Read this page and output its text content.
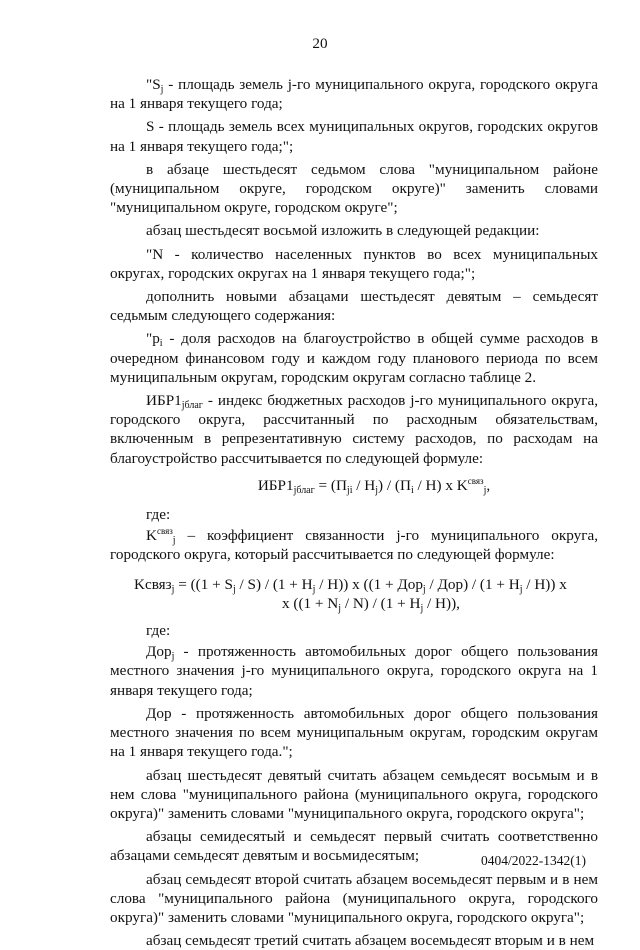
20

"$S_j$ - площадь земель j-го муниципального округа, городского округа на 1 января текущего года;

S - площадь земель всех муниципальных округов, городских округов на 1 января текущего года;";

в абзаце шестьдесят седьмом слова "муниципальном районе (муниципальном округе, городском округе)" заменить словами "муниципальном округе, городском округе";

абзац шестьдесят восьмой изложить в следующей редакции:

"N - количество населенных пунктов во всех муниципальных округах, городских округах на 1 января текущего года;";

дополнить новыми абзацами шестьдесят девятым – семьдесят седьмым следующего содержания:

"$p_i$ - доля расходов на благоустройство в общей сумме расходов в очередном финансовом году и каждом году планового периода по всем муниципальным округам, городским округам согласно таблице 2.

$ИБР1_{jблаг}$ - индекс бюджетных расходов j-го муниципального округа, городского округа, рассчитанный по расходным обязательствам, включенным в репрезентативную систему расходов, по расходам на благоустройство рассчитывается по следующей формуле:

$ИБР1_{jблаг} = (П_{ji} / H_j) / (П_i / H)$ x $K^{связ}_j$,

где:

$K^{связ}_j$ – коэффициент связанности j-го муниципального округа, городского округа, который рассчитывается по следующей формуле:

Kсвяз$_j$ = $((1 + S_j / S) / (1 + H_j / H))$ x $((1 + Дор_j / Дор) / (1 + H_j / H))$ x
x $((1 + N_j / N) / (1 + H_j / H))$,

где:

Дор$_j$ - протяженность автомобильных дорог общего пользования местного значения j-го муниципального округа, городского округа на 1 января текущего года;

Дор - протяженность автомобильных дорог общего пользования местного значения по всем муниципальным округам, городским округам на 1 января текущего года.";

абзац шестьдесят девятый считать абзацем семьдесят восьмым и в нем слова "муниципального района (муниципального округа, городского округа)" заменить словами "муниципального округа, городского округа";

абзацы семидесятый и семьдесят первый считать соответственно абзацами семьдесят девятым и восьмидесятым;

абзац семьдесят второй считать абзацем восемьдесят первым и в нем слова "муниципального района (муниципального округа, городского округа)" заменить словами "муниципального округа, городского округа";

абзац семьдесят третий считать абзацем восемьдесят вторым и в нем

0404/2022-1342(1)
